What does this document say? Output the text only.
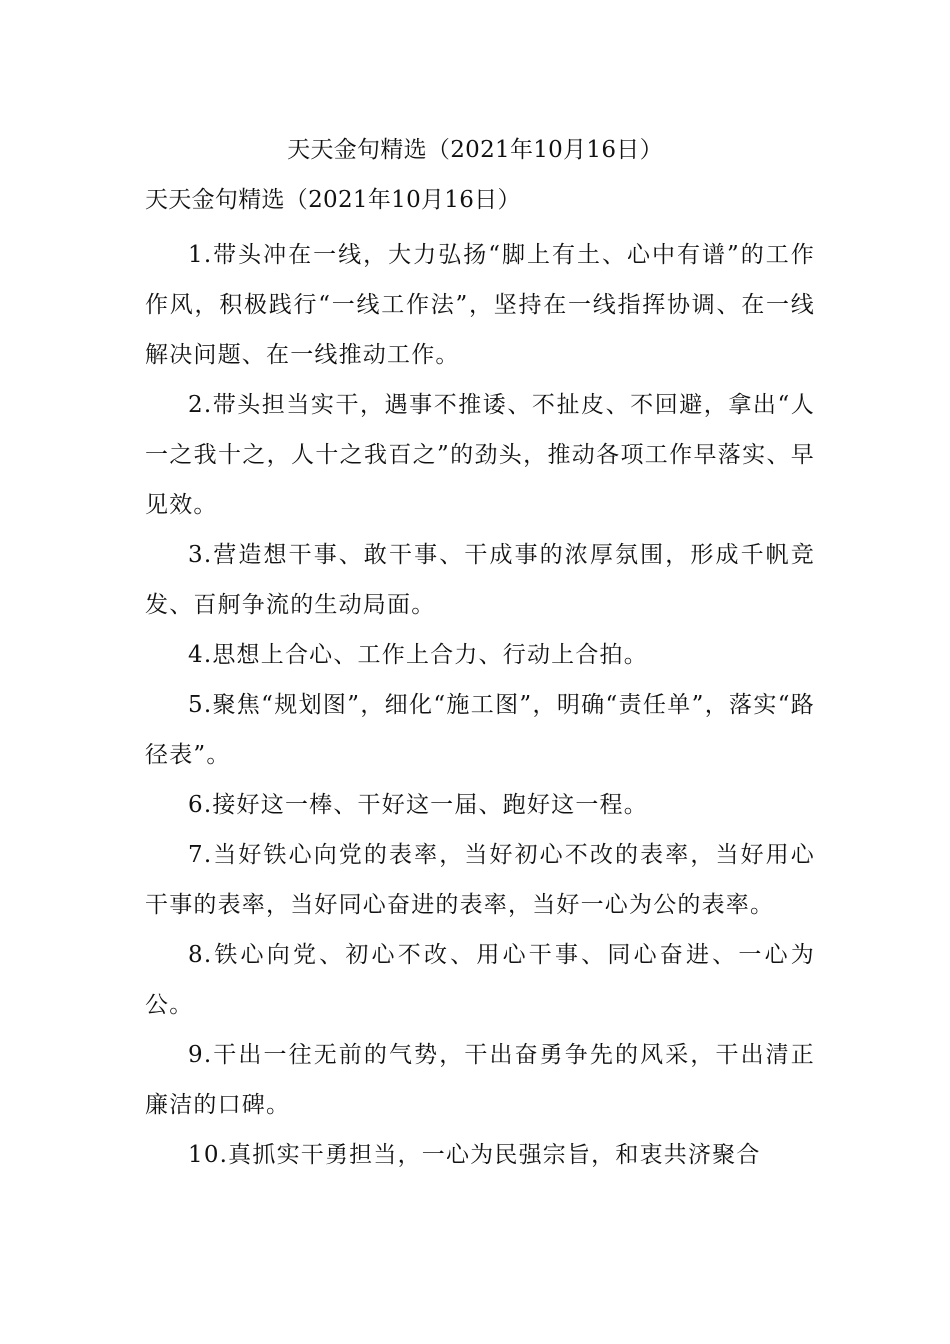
天天金句精选（2021年10月16日）
天天金句精选（2021年10月16日）

1.带头冲在一线，大力弘扬“脚上有土、心中有谱”的工作作风，积极践行“一线工作法”，坚持在一线指挥协调、在一线解决问题、在一线推动工作。

2.带头担当实干，遇事不推诿、不扯皮、不回避，拿出“人一之我十之，人十之我百之”的劲头，推动各项工作早落实、早见效。

3.营造想干事、敢干事、干成事的浓厚氛围，形成千帆竞发、百舸争流的生动局面。

4.思想上合心、工作上合力、行动上合拍。

5.聚焦“规划图”，细化“施工图”，明确“责任单”，落实“路径表”。

6.接好这一棒、干好这一届、跑好这一程。

7.当好铁心向党的表率，当好初心不改的表率，当好用心干事的表率，当好同心奋进的表率，当好一心为公的表率。

8.铁心向党、初心不改、用心干事、同心奋进、一心为公。

9.干出一往无前的气势，干出奋勇争先的风采，干出清正廉洁的口碑。

10.真抓实干勇担当，一心为民强宗旨，和衷共济聚合
